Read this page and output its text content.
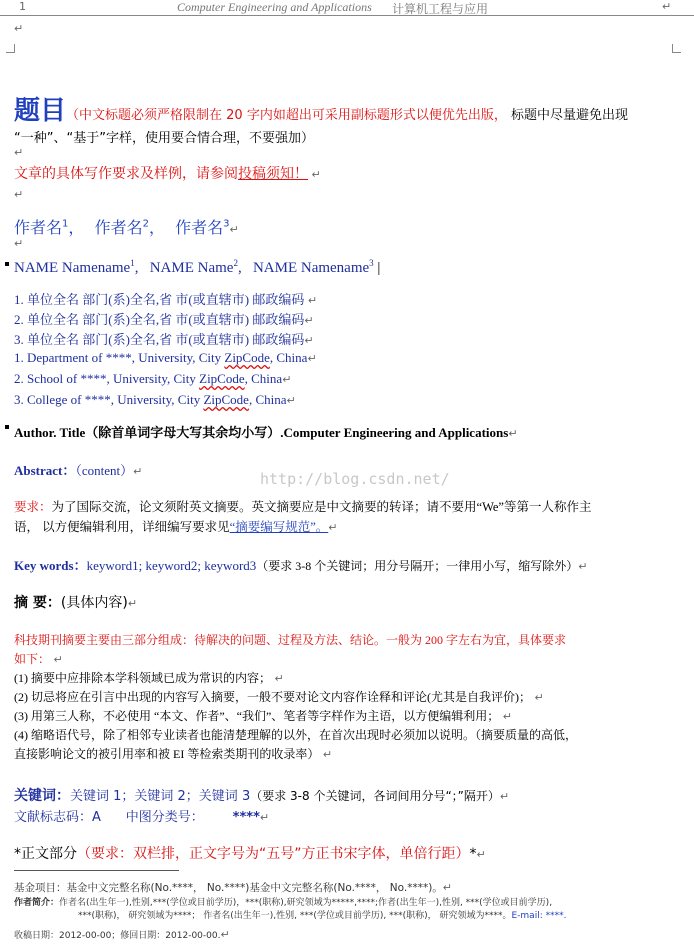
1	Computer Engineering and Applications 计算机工程与应用	↵
↵
题目（中文标题必须严格限制在 20 字内如超出可采用副标题形式以便优先出版， 标题中尽量避免出现
“一种”、“基于”字样，使用要合情合理，不要强加）
↵
文章的具体写作要求及样例，请参阅投稿须知！ ↵
↵
作者名$^1$，  作者名$^2$，  作者名$^3$↵
↵
NAME Namename$^1$,   NAME Name$^2$,   NAME Namename$^3$ |
1. 单位全名 部门(系)全名,省 市(或直辖市) 邮政编码 ↵
2. 单位全名 部门(系)全名,省 市(或直辖市) 邮政编码↵
3. 单位全名 部门(系)全名,省 市(或直辖市) 邮政编码↵
1. Department of ****, University, City ZipCode, China↵
2. School of ****, University, City ZipCode, China↵
3. College of ****, University, City ZipCode, China↵
Author. Title（除首单词字母大写其余均小写）.Computer Engineering and Applications↵
Abstract：（content）↵
要求：为了国际交流，论文须附英文摘要。英文摘要应是中文摘要的转译；请不要用“We”等第一人称作主
语， 以方便编辑利用，详细编写要求见“摘要编写规范”。↵
Key words：keyword1; keyword2; keyword3（要求 3-8 个关键词；用分号隔开；一律用小写，缩写除外）↵
摘 要：(具体内容)↵
科技期刊摘要主要由三部分组成：待解决的问题、过程及方法、结论。一般为 200 字左右为宜，具体要求
如下： ↵
(1) 摘要中应排除本学科领域已成为常识的内容； ↵
(2) 切忌将应在引言中出现的内容写入摘要，一般不要对论文内容作诠释和评论(尤其是自我评价)； ↵
(3) 用第三人称，不必使用 “本文、作者”、“我们”、笔者等字样作为主语，以方便编辑利用； ↵
(4) 缩略语代号，除了相邻专业读者也能清楚理解的以外，在首次出现时必须加以说明。（摘要质量的高低，
直接影响论文的被引用率和被 EI 等检索类期刊的收录率） ↵
关键词：关键词 1；关键词 2；关键词 3（要求 3-8 个关键词，各词间用分号“；”隔开）↵
文献标志码：A 中图分类号： ****↵
*正文部分（要求：双栏排，正文字号为“五号”方正书宋字体，单倍行距）*↵
基金项目：基金中文完整名称(No.****， No.****)基金中文完整名称(No.****， No.****)。↵
作者简介：作者名(出生年一),性别,***(学位或目前学历)，***(职称),研究领域为*****,****;作者(出生年一),性别, ***(学位或目前学历),
***(职称)， 研究领域为****； 作者名(出生年一),性别, ***(学位或目前学历), ***(职称)， 研究领域为****。E-mail: ****.
收稿日期：2012-00-00；修回日期：2012-00-00.↵
http://blog.csdn.net/
